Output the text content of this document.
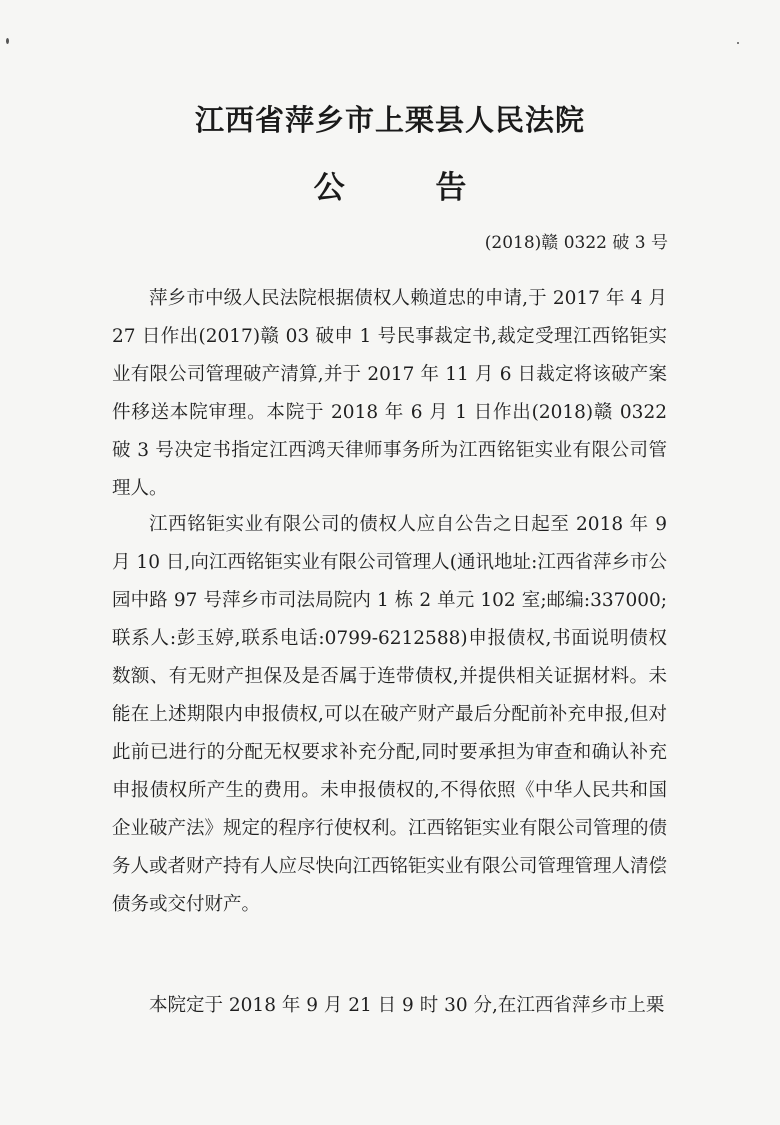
江西省萍乡市上栗县人民法院
公 告
(2018)赣 0322 破 3 号

萍乡市中级人民法院根据债权人赖道忠的申请,于 2017 年 4 月 27 日作出(2017)赣 03 破申 1 号民事裁定书,裁定受理江西铭钜实业有限公司管理破产清算,并于 2017 年 11 月 6 日裁定将该破产案件移送本院审理。本院于 2018 年 6 月 1 日作出(2018)赣 0322 破 3 号决定书指定江西鸿天律师事务所为江西铭钜实业有限公司管理人。

江西铭钜实业有限公司的债权人应自公告之日起至 2018 年 9 月 10 日,向江西铭钜实业有限公司管理人(通讯地址:江西省萍乡市公园中路 97 号萍乡市司法局院内 1 栋 2 单元 102 室;邮编:337000;联系人:彭玉婷,联系电话:0799-6212588)申报债权,书面说明债权数额、有无财产担保及是否属于连带债权,并提供相关证据材料。未能在上述期限内申报债权,可以在破产财产最后分配前补充申报,但对此前已进行的分配无权要求补充分配,同时要承担为审查和确认补充申报债权所产生的费用。未申报债权的,不得依照《中华人民共和国企业破产法》规定的程序行使权利。江西铭钜实业有限公司管理的债务人或者财产持有人应尽快向江西铭钜实业有限公司管理管理人清偿债务或交付财产。

本院定于 2018 年 9 月 21 日 9 时 30 分,在江西省萍乡市上栗
